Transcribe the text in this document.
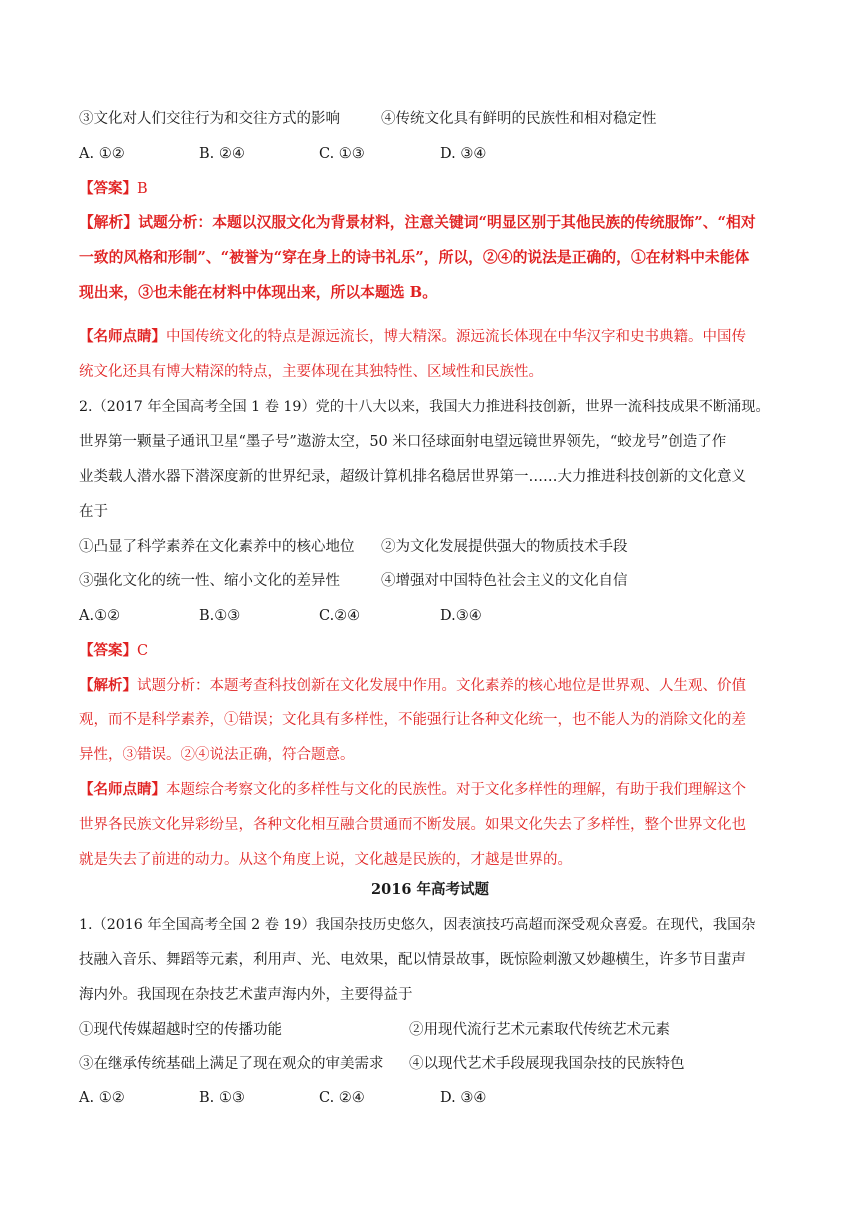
③文化对人们交往行为和交往方式的影响	④传统文化具有鲜明的民族性和相对稳定性
A. ①②	B. ②④	C. ①③	D. ③④
【答案】B
【解析】试题分析：本题以汉服文化为背景材料，注意关键词“明显区别于其他民族的传统服饰”、“相对
一致的风格和形制”、“被誉为“穿在身上的诗书礼乐”，所以，②④的说法是正确的，①在材料中未能体
现出来，③也未能在材料中体现出来，所以本题选 B。
【名师点睛】中国传统文化的特点是源远流长，博大精深。源远流长体现在中华汉字和史书典籍。中国传
统文化还具有博大精深的特点，主要体现在其独特性、区域性和民族性。
2.（2017 年全国高考全国 1 卷 19）党的十八大以来，我国大力推进科技创新，世界一流科技成果不断涌现。
世界第一颗量子通讯卫星“墨子号”遨游太空，50 米口径球面射电望远镜世界领先，“蛟龙号”创造了作
业类载人潜水器下潜深度新的世界纪录，超级计算机排名稳居世界第一……大力推进科技创新的文化意义
在于
①凸显了科学素养在文化素养中的核心地位 ②为文化发展提供强大的物质技术手段
③强化文化的统一性、缩小文化的差异性	④增强对中国特色社会主义的文化自信
A.①②	B.①③	C.②④	D.③④
【答案】C
【解析】试题分析：本题考查科技创新在文化发展中作用。文化素养的核心地位是世界观、人生观、价值
观，而不是科学素养，①错误；文化具有多样性，不能强行让各种文化统一，也不能人为的消除文化的差
异性，③错误。②④说法正确，符合题意。
【名师点睛】本题综合考察文化的多样性与文化的民族性。对于文化多样性的理解，有助于我们理解这个
世界各民族文化异彩纷呈，各种文化相互融合贯通而不断发展。如果文化失去了多样性，整个世界文化也
就是失去了前进的动力。从这个角度上说，文化越是民族的，才越是世界的。
2016 年高考试题
1.（2016 年全国高考全国 2 卷 19）我国杂技历史悠久，因表演技巧高超而深受观众喜爱。在现代，我国杂
技融入音乐、舞蹈等元素，利用声、光、电效果，配以情景故事，既惊险刺激又妙趣横生，许多节目蜚声
海内外。我国现在杂技艺术蜚声海内外，主要得益于
①现代传媒超越时空的传播功能	②用现代流行艺术元素取代传统艺术元素
③在继承传统基础上满足了现在观众的审美需求 ④以现代艺术手段展现我国杂技的民族特色
A. ①②	B. ①③	C. ②④	D. ③④
